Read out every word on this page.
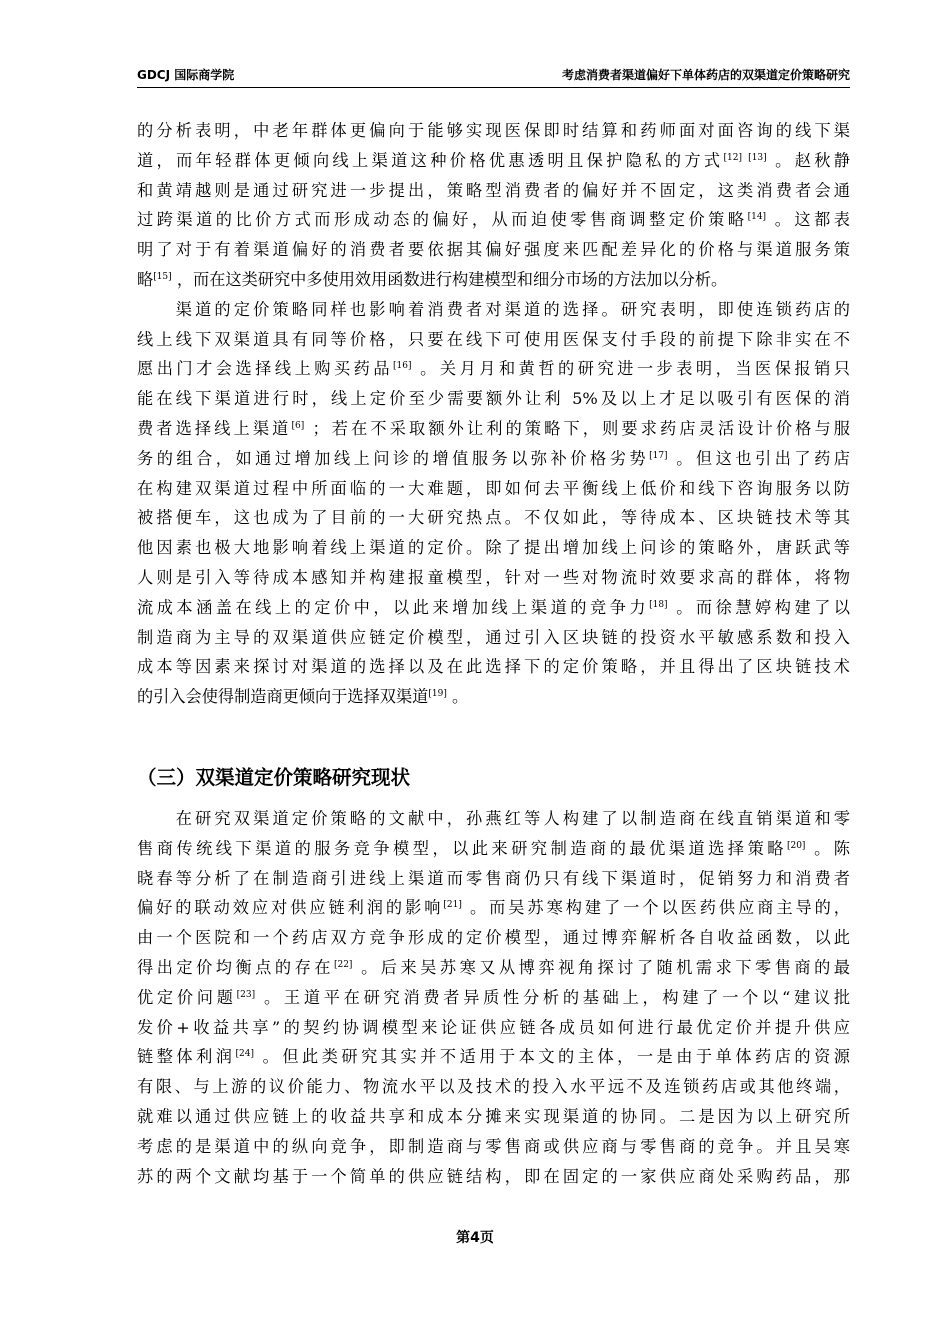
GDCJ 国际商学院	考虑消费者渠道偏好下单体药店的双渠道定价策略研究
的分析表明，中老年群体更偏向于能够实现医保即时结算和药师面对面咨询的线下渠
道，而年轻群体更倾向线上渠道这种价格优惠透明且保护隐私的方式[12] [13] 。赵秋静
和黄靖越则是通过研究进一步提出，策略型消费者的偏好并不固定，这类消费者会通
过跨渠道的比价方式而形成动态的偏好，从而迫使零售商调整定价策略[14] 。这都表
明了对于有着渠道偏好的消费者要依据其偏好强度来匹配差异化的价格与渠道服务策
略[15] ，而在这类研究中多使用效用函数进行构建模型和细分市场的方法加以分析。
　　渠道的定价策略同样也影响着消费者对渠道的选择。研究表明，即使连锁药店的
线上线下双渠道具有同等价格，只要在线下可使用医保支付手段的前提下除非实在不
愿出门才会选择线上购买药品[16] 。关月月和黄哲的研究进一步表明，当医保报销只
能在线下渠道进行时，线上定价至少需要额外让利 5%及以上才足以吸引有医保的消
费者选择线上渠道[6] ；若在不采取额外让利的策略下，则要求药店灵活设计价格与服
务的组合，如通过增加线上问诊的增值服务以弥补价格劣势[17] 。但这也引出了药店
在构建双渠道过程中所面临的一大难题，即如何去平衡线上低价和线下咨询服务以防
被搭便车，这也成为了目前的一大研究热点。不仅如此，等待成本、区块链技术等其
他因素也极大地影响着线上渠道的定价。除了提出增加线上问诊的策略外，唐跃武等
人则是引入等待成本感知并构建报童模型，针对一些对物流时效要求高的群体，将物
流成本涵盖在线上的定价中，以此来增加线上渠道的竞争力[18] 。而徐慧婷构建了以
制造商为主导的双渠道供应链定价模型，通过引入区块链的投资水平敏感系数和投入
成本等因素来探讨对渠道的选择以及在此选择下的定价策略，并且得出了区块链技术
的引入会使得制造商更倾向于选择双渠道[19] 。
（三）双渠道定价策略研究现状
　　在研究双渠道定价策略的文献中，孙燕红等人构建了以制造商在线直销渠道和零
售商传统线下渠道的服务竞争模型，以此来研究制造商的最优渠道选择策略[20] 。陈
晓春等分析了在制造商引进线上渠道而零售商仍只有线下渠道时，促销努力和消费者
偏好的联动效应对供应链利润的影响[21] 。而吴苏寒构建了一个以医药供应商主导的，
由一个医院和一个药店双方竞争形成的定价模型，通过博弈解析各自收益函数，以此
得出定价均衡点的存在[22] 。后来吴苏寒又从博弈视角探讨了随机需求下零售商的最
优定价问题[23] 。王道平在研究消费者异质性分析的基础上，构建了一个以“建议批
发价+收益共享”的契约协调模型来论证供应链各成员如何进行最优定价并提升供应
链整体利润[24] 。但此类研究其实并不适用于本文的主体，一是由于单体药店的资源
有限、与上游的议价能力、物流水平以及技术的投入水平远不及连锁药店或其他终端，
就难以通过供应链上的收益共享和成本分摊来实现渠道的协同。二是因为以上研究所
考虑的是渠道中的纵向竞争，即制造商与零售商或供应商与零售商的竞争。并且吴寒
苏的两个文献均基于一个简单的供应链结构，即在固定的一家供应商处采购药品，那
第4页
